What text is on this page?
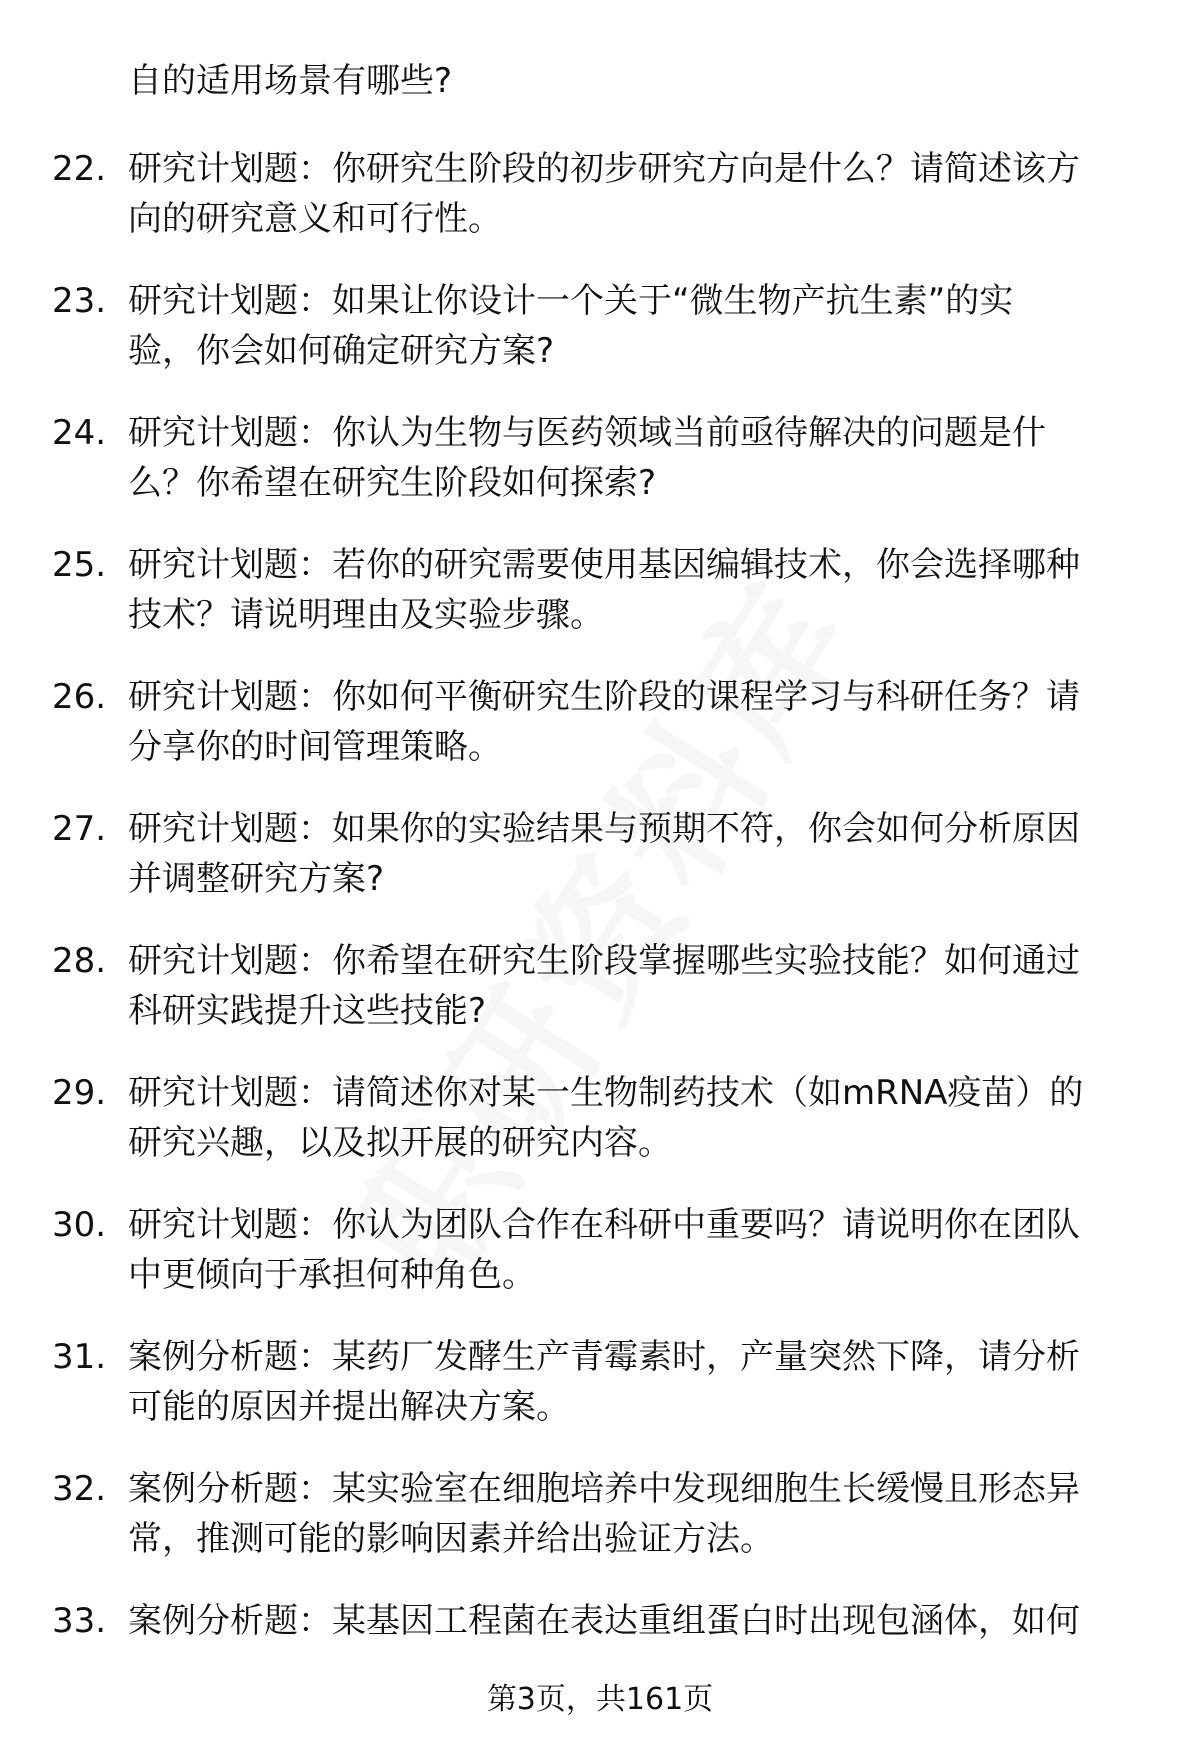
自的适用场景有哪些?
22. 研究计划题：你研究生阶段的初步研究方向是什么？请简述该方
向的研究意义和可行性。
23. 研究计划题：如果让你设计一个关于“微生物产抗生素”的实
验，你会如何确定研究方案?
24. 研究计划题：你认为生物与医药领域当前亟待解决的问题是什
么？你希望在研究生阶段如何探索?
25. 研究计划题：若你的研究需要使用基因编辑技术，你会选择哪种
技术？请说明理由及实验步骤。
26. 研究计划题：你如何平衡研究生阶段的课程学习与科研任务？请
分享你的时间管理策略。
27. 研究计划题：如果你的实验结果与预期不符，你会如何分析原因
并调整研究方案?
28. 研究计划题：你希望在研究生阶段掌握哪些实验技能？如何通过
科研实践提升这些技能?
29. 研究计划题：请简述你对某一生物制药技术（如mRNA疫苗）的
研究兴趣，以及拟开展的研究内容。
30. 研究计划题：你认为团队合作在科研中重要吗？请说明你在团队
中更倾向于承担何种角色。
31. 案例分析题：某药厂发酵生产青霉素时，产量突然下降，请分析
可能的原因并提出解决方案。
32. 案例分析题：某实验室在细胞培养中发现细胞生长缓慢且形态异
常，推测可能的影响因素并给出验证方法。
33. 案例分析题：某基因工程菌在表达重组蛋白时出现包涵体，如何
第3页，共161页
